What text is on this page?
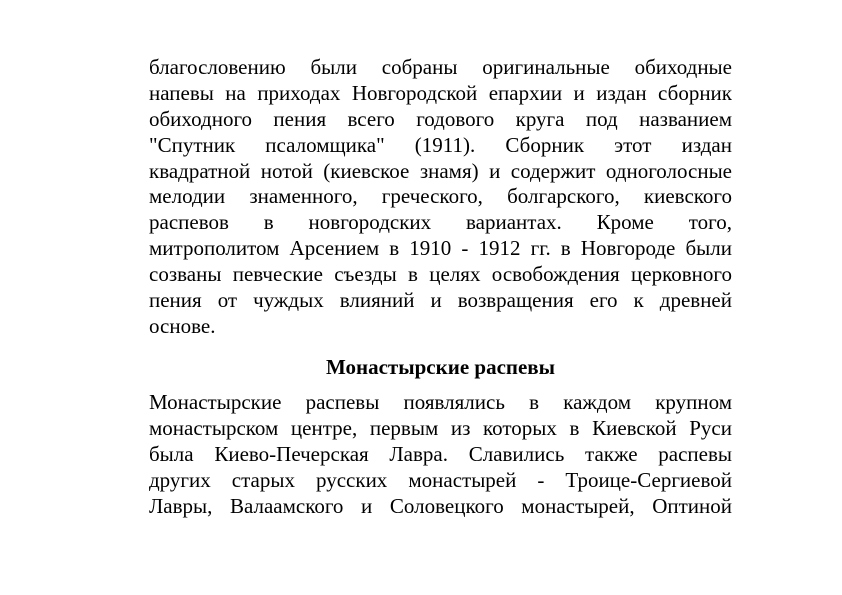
благословению были собраны оригинальные обиходные
напевы на приходах Новгородской епархии и издан сборник
обиходного пения всего годового круга под названием
"Спутник псаломщика" (1911). Сборник этот издан
квадратной нотой (киевское знамя) и содержит одноголосные
мелодии знаменного, греческого, болгарского, киевского
распевов в новгородских вариантах. Кроме того,
митрополитом Арсением в 1910 - 1912 гг. в Новгороде были
созваны певческие съезды в целях освобождения церковного
пения от чуждых влияний и возвращения его к древней
основе.
Монастырские распевы
Монастырские распевы появлялись в каждом крупном
монастырском центре, первым из которых в Киевской Руси
была Киево-Печерская Лавра. Славились также распевы
других старых русских монастырей - Троице-Сергиевой
Лавры, Валаамского и Соловецкого монастырей, Оптиной
